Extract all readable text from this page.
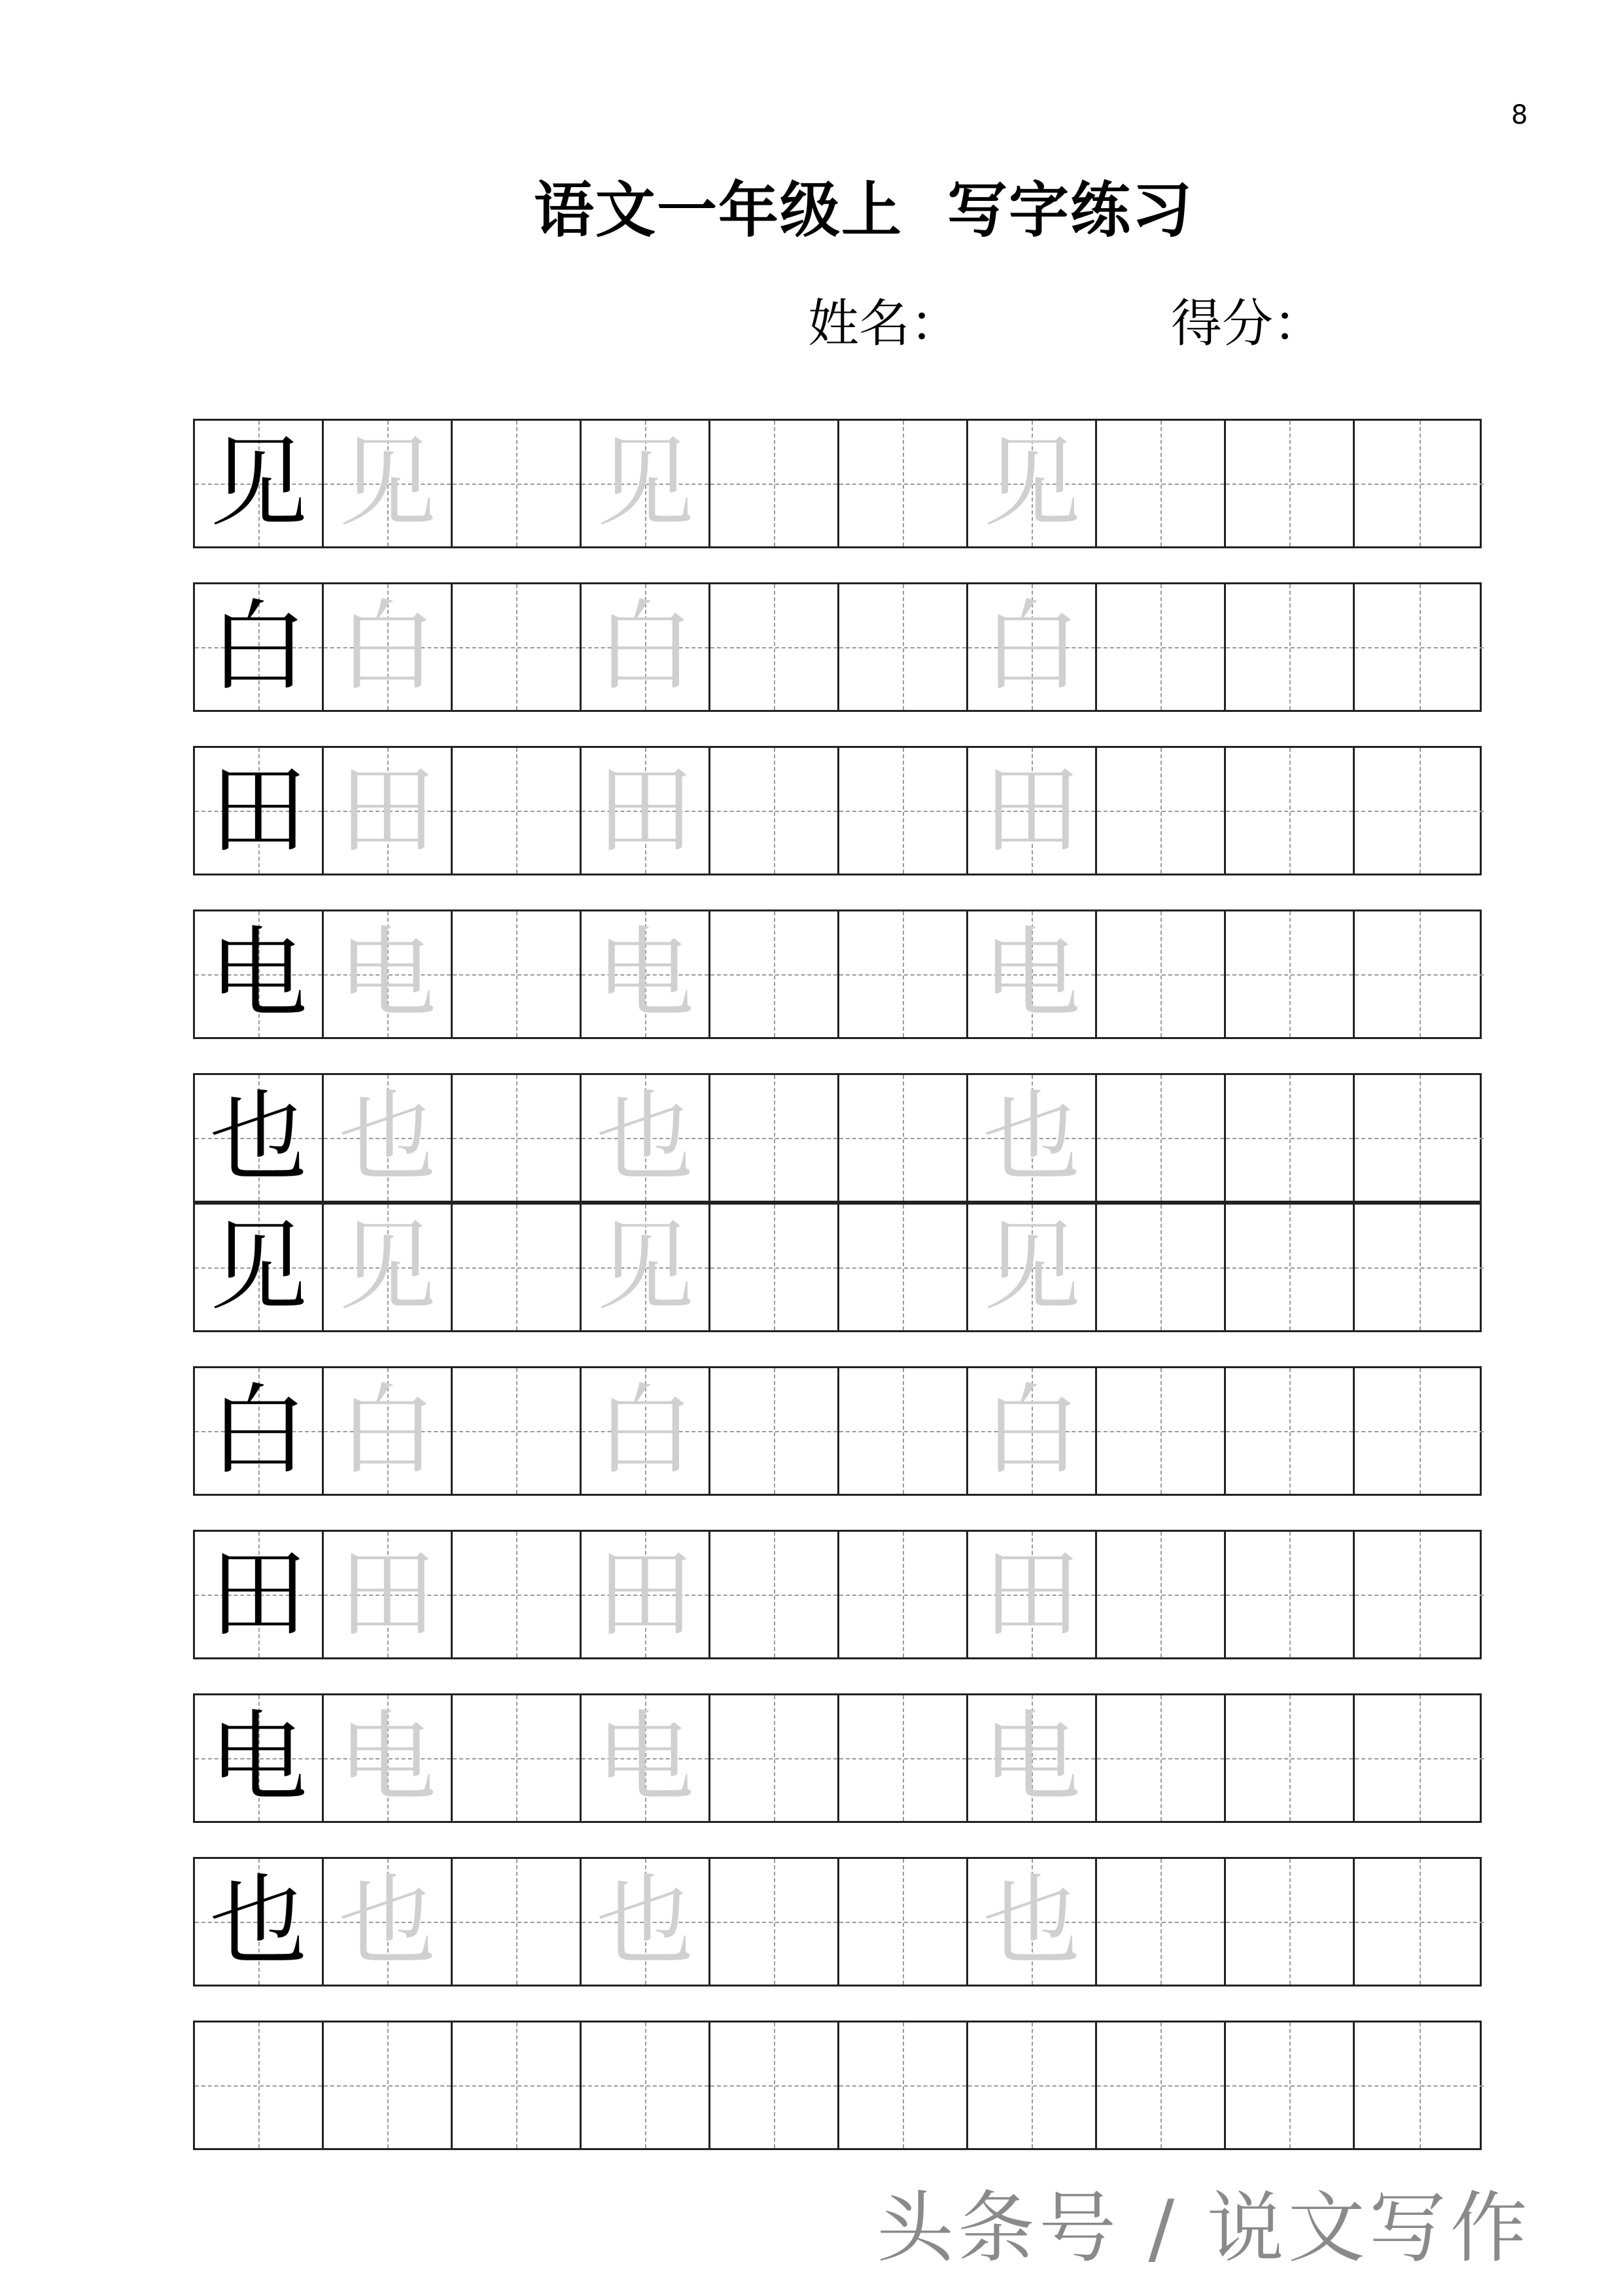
8
语文一年级上  写字练习
姓名：	得分：
见 见 见	见
白 白 白	白
田 田 田	田
电 电 电	电
也 也 也	也
见 见 见	见
白 白 白	白
田 田 田	田
电 电 电	电
也 也 也	也
头条号 / 说文写作
